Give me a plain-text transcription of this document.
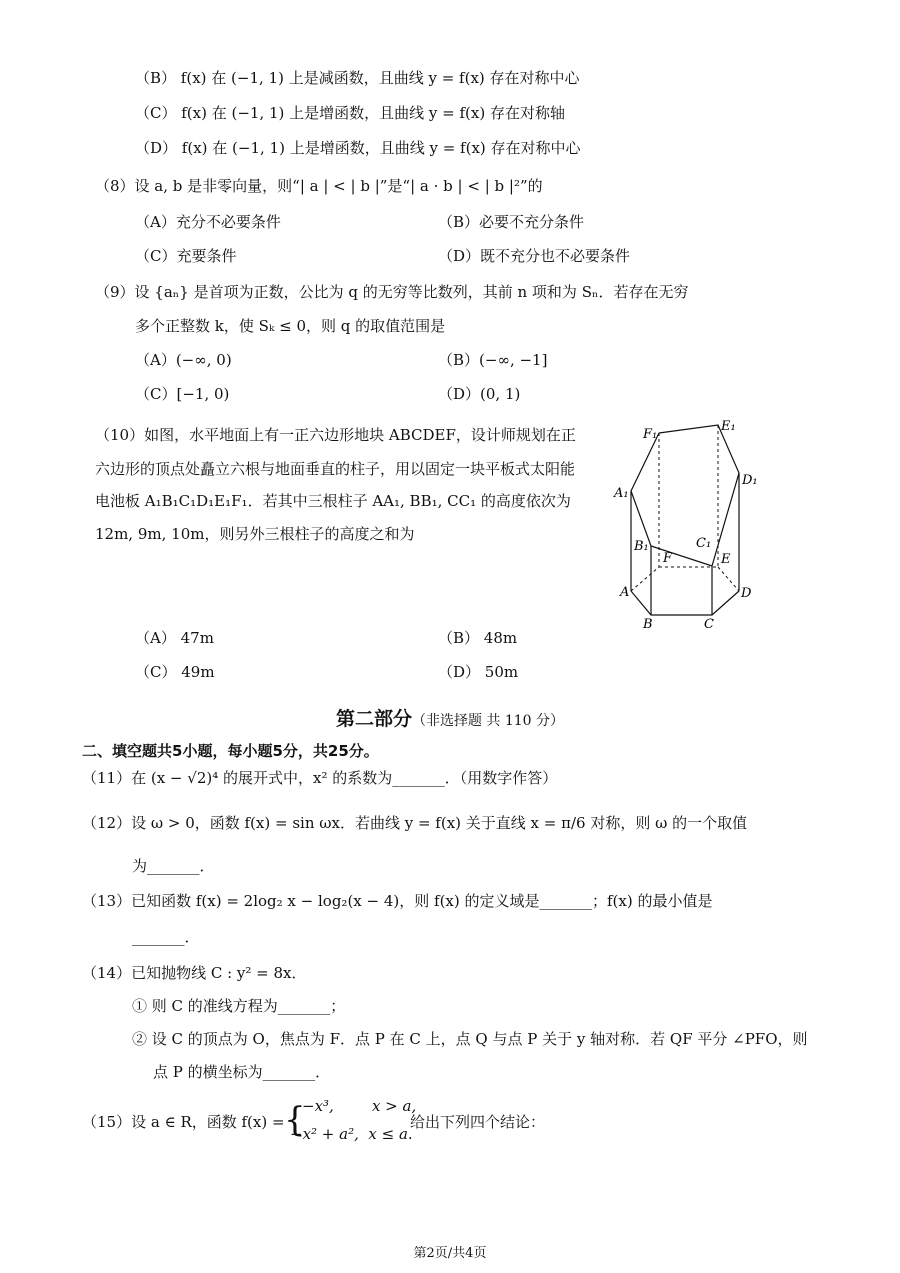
（B） f(x) 在 (−1, 1) 上是减函数，且曲线 y = f(x) 存在对称中心
（C） f(x) 在 (−1, 1) 上是增函数，且曲线 y = f(x) 存在对称轴
（D） f(x) 在 (−1, 1) 上是增函数，且曲线 y = f(x) 存在对称中心
（8）设 a, b 是非零向量，则“| a | < | b |”是“| a · b | < | b |²”的
（A）充分不必要条件	（B）必要不充分条件
（C）充要条件	（D）既不充分也不必要条件
（9）设 {aₙ} 是首项为正数，公比为 q 的无穷等比数列，其前 n 项和为 Sₙ．若存在无穷
多个正整数 k，使 Sₖ ≤ 0，则 q 的取值范围是
（A）(−∞, 0)	（B）(−∞, −1]
（C）[−1, 0)	（D）(0, 1)
（10）如图，水平地面上有一正六边形地块 ABCDEF，设计师规划在正
六边形的顶点处矗立六根与地面垂直的柱子，用以固定一块平板式太阳能
电池板 A₁B₁C₁D₁E₁F₁．若其中三根柱子 AA₁, BB₁, CC₁ 的高度依次为
12m, 9m, 10m，则另外三根柱子的高度之和为
F₁
E₁
D₁
A₁
B₁	C₁
F	E
A
B	C
D
（A） 47m	（B） 48m
（C） 49m	（D） 50m
第二部分（非选择题 共 110 分）
二、填空题共5小题，每小题5分，共25分。
（11）在 (x − √2)⁴ 的展开式中，x² 的系数为_______．（用数字作答）
（12）设 ω > 0，函数 f(x) = sin ωx．若曲线 y = f(x) 关于直线 x = π/6 对称，则 ω 的一个取值
为_______．
（13）已知函数 f(x) = 2log₂ x − log₂(x − 4)，则 f(x) 的定义域是_______；f(x) 的最小值是
_______．
（14）已知抛物线 C : y² = 8x．
① 则 C 的准线方程为_______；
② 设 C 的顶点为 O，焦点为 F．点 P 在 C 上，点 Q 与点 P 关于 y 轴对称．若 QF 平分 ∠PFO，则
点 P 的横坐标为_______．
（15）设 a ∈ R，函数 f(x) = {
−x³,        x > a,
−x² + a²,  x ≤ a.
给出下列四个结论：
第2页/共4页
